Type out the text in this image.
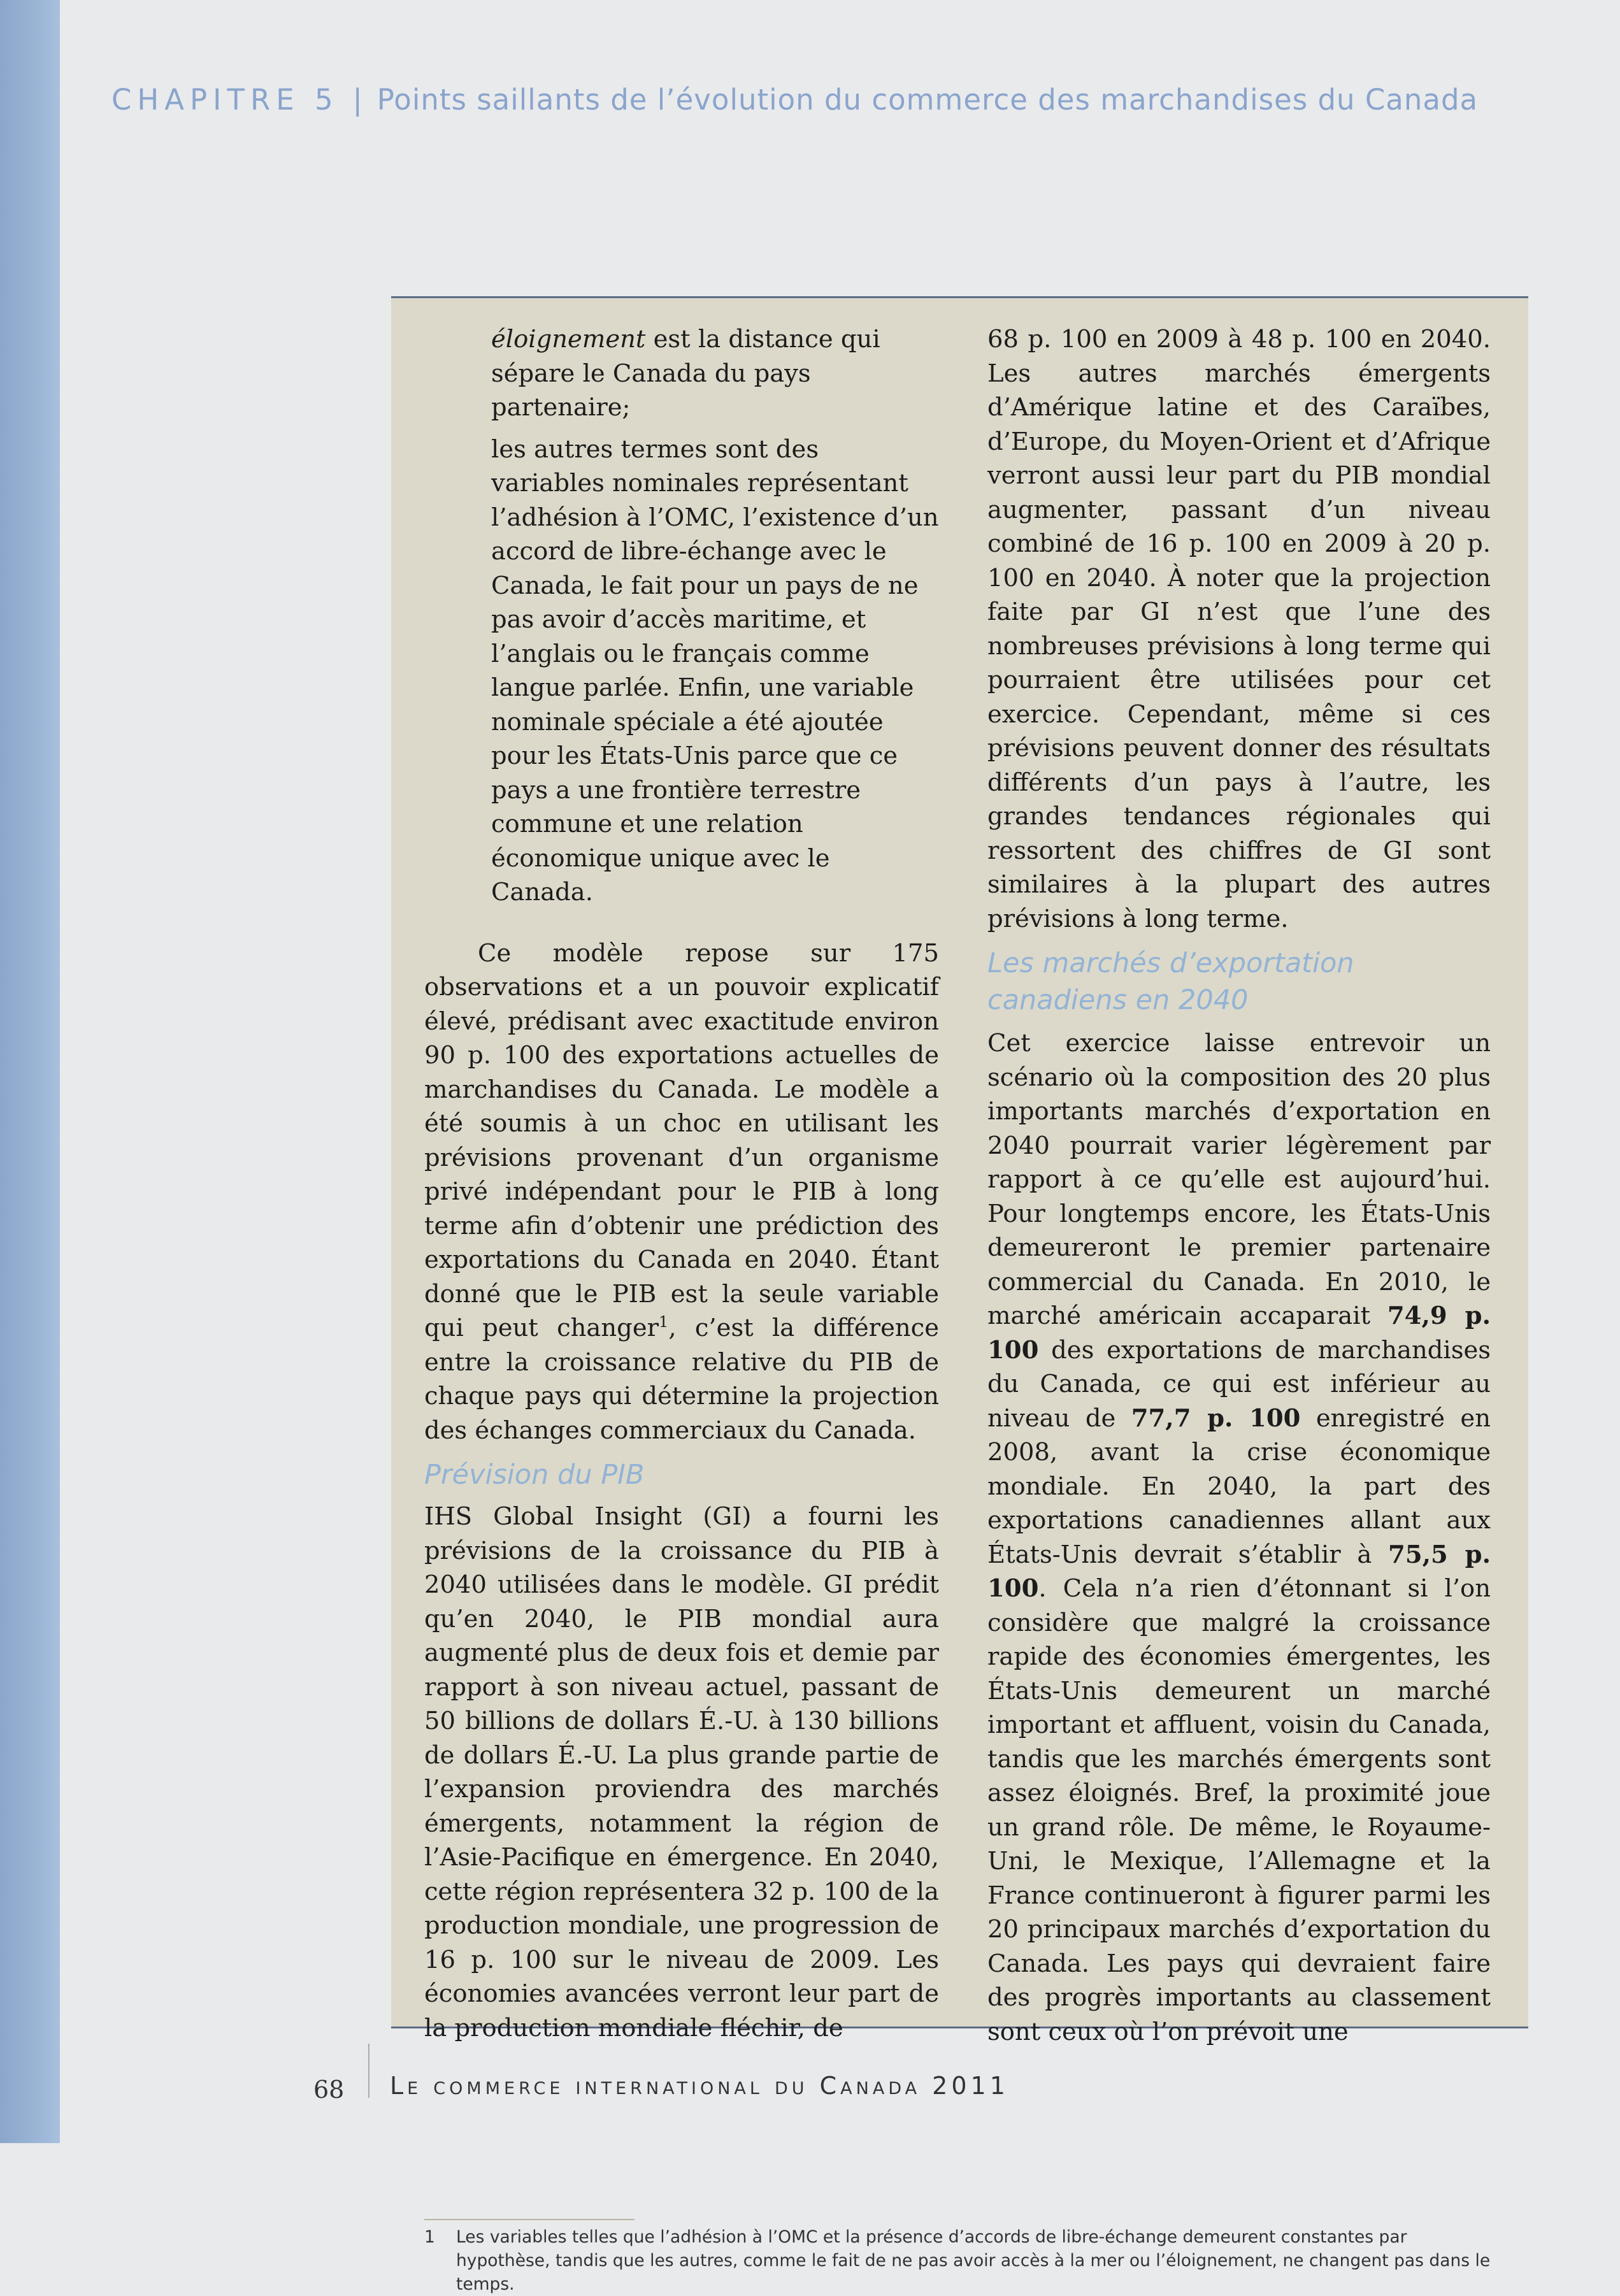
CHAPITRE 5 | Points saillants de l’évolution du commerce des marchandises du Canada

éloignement est la distance qui sépare le Canada du pays partenaire;

les autres termes sont des variables nominales représentant l’adhésion à l’OMC, l’existence d’un accord de libre-échange avec le Canada, le fait pour un pays de ne pas avoir d’accès maritime, et l’anglais ou le français comme langue parlée. Enfin, une variable nominale spéciale a été ajoutée pour les États-Unis parce que ce pays a une frontière terrestre commune et une relation économique unique avec le Canada.

Ce modèle repose sur 175 observations et a un pouvoir explicatif élevé, prédisant avec exactitude environ 90 p. 100 des exportations actuelles de marchandises du Canada. Le modèle a été soumis à un choc en utilisant les prévisions provenant d’un organisme privé indépendant pour le PIB à long terme afin d’obtenir une prédiction des exportations du Canada en 2040. Étant donné que le PIB est la seule variable qui peut changer$^1$, c’est la différence entre la croissance relative du PIB de chaque pays qui détermine la projection des échanges commerciaux du Canada.

Prévision du PIB

IHS Global Insight (GI) a fourni les prévisions de la croissance du PIB à 2040 utilisées dans le modèle. GI prédit qu’en 2040, le PIB mondial aura augmenté plus de deux fois et demie par rapport à son niveau actuel, passant de 50 billions de dollars É.-U. à 130 billions de dollars É.-U. La plus grande partie de l’expansion proviendra des marchés émergents, notamment la région de l’Asie-Pacifique en émergence. En 2040, cette région représentera 32 p. 100 de la production mondiale, une progression de 16 p. 100 sur le niveau de 2009. Les économies avancées verront leur part de la production mondiale fléchir, de

68 p. 100 en 2009 à 48 p. 100 en 2040. Les autres marchés émergents d’Amérique latine et des Caraïbes, d’Europe, du Moyen-Orient et d’Afrique verront aussi leur part du PIB mondial augmenter, passant d’un niveau combiné de 16 p. 100 en 2009 à 20 p. 100 en 2040. À noter que la projection faite par GI n’est que l’une des nombreuses prévisions à long terme qui pourraient être utilisées pour cet exercice. Cependant, même si ces prévisions peuvent donner des résultats différents d’un pays à l’autre, les grandes tendances régionales qui ressortent des chiffres de GI sont similaires à la plupart des autres prévisions à long terme.

Les marchés d’exportation canadiens en 2040

Cet exercice laisse entrevoir un scénario où la composition des 20 plus importants marchés d’exportation en 2040 pourrait varier légèrement par rapport à ce qu’elle est aujourd’hui. Pour longtemps encore, les États-Unis demeureront le premier partenaire commercial du Canada. En 2010, le marché américain accaparait 74,9 p. 100 des exportations de marchandises du Canada, ce qui est inférieur au niveau de 77,7 p. 100 enregistré en 2008, avant la crise économique mondiale. En 2040, la part des exportations canadiennes allant aux États-Unis devrait s’établir à 75,5 p. 100. Cela n’a rien d’étonnant si l’on considère que malgré la croissance rapide des économies émergentes, les États-Unis demeurent un marché important et affluent, voisin du Canada, tandis que les marchés émergents sont assez éloignés. Bref, la proximité joue un grand rôle. De même, le Royaume-Uni, le Mexique, l’Allemagne et la France continueront à figurer parmi les 20 principaux marchés d’exportation du Canada. Les pays qui devraient faire des progrès importants au classement sont ceux où l’on prévoit une

1 Les variables telles que l’adhésion à l’OMC et la présence d’accords de libre-échange demeurent constantes par hypothèse, tandis que les autres, comme le fait de ne pas avoir accès à la mer ou l’éloignement, ne changent pas dans le temps.
68 Le commerce international du Canada 2011
